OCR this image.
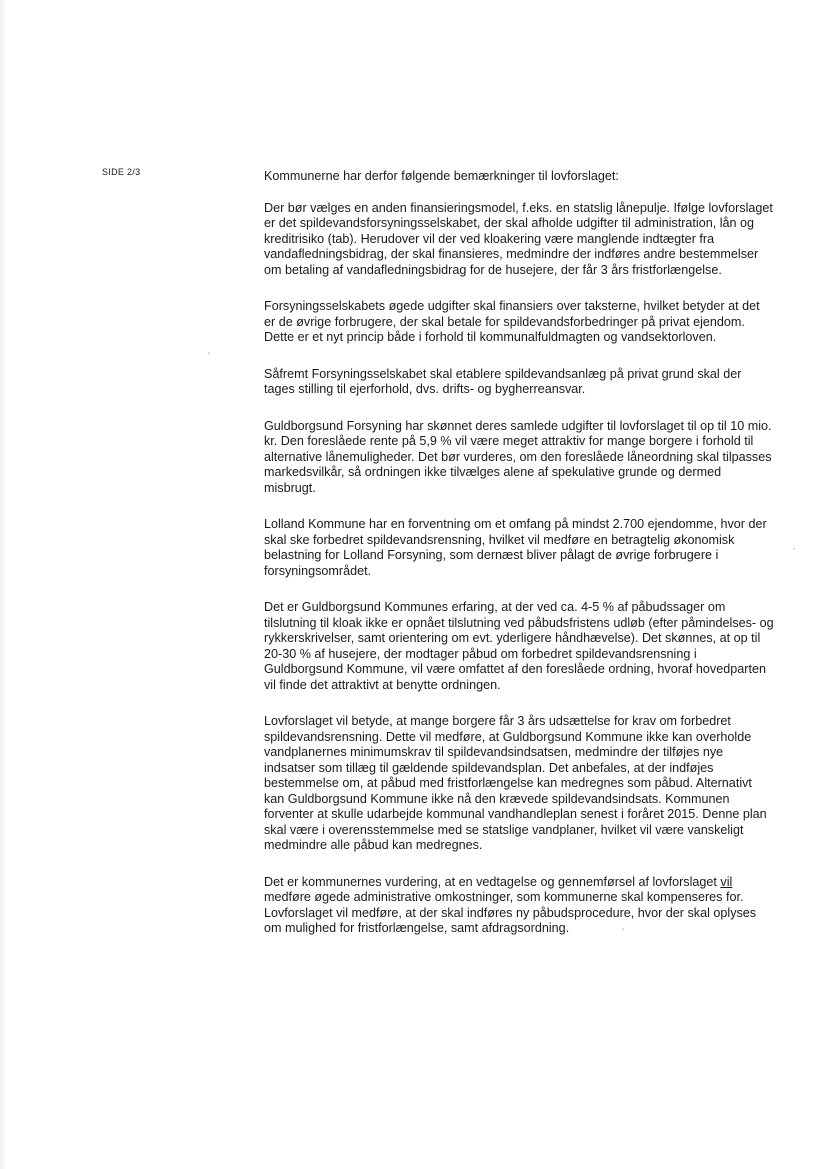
SIDE 2/3	Kommunerne har derfor følgende bemærkninger til lovforslaget:

Der bør vælges en anden finansieringsmodel, f.eks. en statslig lånepulje. Ifølge lovforslaget er det spildevandsforsyningsselskabet, der skal afholde udgifter til administration, lån og kreditrisiko (tab). Herudover vil der ved kloakering være manglende indtægter fra vandafledningsbidrag, der skal finansieres, medmindre der indføres andre bestemmelser om betaling af vandafledningsbidrag for de husejere, der får 3 års fristforlængelse.

Forsyningsselskabets øgede udgifter skal finansiers over taksterne, hvilket betyder at det er de øvrige forbrugere, der skal betale for spildevandsforbedringer på privat ejendom. Dette er et nyt princip både i forhold til kommunalfuldmagten og vandsektorloven.

Såfremt Forsyningsselskabet skal etablere spildevandsanlæg på privat grund skal der tages stilling til ejerforhold, dvs. drifts- og bygherreansvar.

Guldborgsund Forsyning har skønnet deres samlede udgifter til lovforslaget til op til 10 mio. kr. Den foreslåede rente på 5,9 % vil være meget attraktiv for mange borgere i forhold til alternative lånemuligheder. Det bør vurderes, om den foreslåede låneordning skal tilpasses markedsvilkår, så ordningen ikke tilvælges alene af spekulative grunde og dermed misbrugt.

Lolland Kommune har en forventning om et omfang på mindst 2.700 ejendomme, hvor der skal ske forbedret spildevandsrensning, hvilket vil medføre en betragtelig økonomisk belastning for Lolland Forsyning, som dernæst bliver pålagt de øvrige forbrugere i forsyningsområdet.

Det er Guldborgsund Kommunes erfaring, at der ved ca. 4-5 % af påbudssager om tilslutning til kloak ikke er opnået tilslutning ved påbudsfristens udløb (efter påmindelses- og rykkerskrivelser, samt orientering om evt. yderligere håndhævelse). Det skønnes, at op til 20-30 % af husejere, der modtager påbud om forbedret spildevandsrensning i Guldborgsund Kommune, vil være omfattet af den foreslåede ordning, hvoraf hovedparten vil finde det attraktivt at benytte ordningen.

Lovforslaget vil betyde, at mange borgere får 3 års udsættelse for krav om forbedret spildevandsrensning. Dette vil medføre, at Guldborgsund Kommune ikke kan overholde vandplanernes minimumskrav til spildevandsindsatsen, medmindre der tilføjes nye indsatser som tillæg til gældende spildevandsplan. Det anbefales, at der indføjes bestemmelse om, at påbud med fristforlængelse kan medregnes som påbud. Alternativt kan Guldborgsund Kommune ikke nå den krævede spildevandsindsats. Kommunen forventer at skulle udarbejde kommunal vandhandleplan senest i foråret 2015. Denne plan skal være i overensstemmelse med se statslige vandplaner, hvilket vil være vanskeligt medmindre alle påbud kan medregnes.

Det er kommunernes vurdering, at en vedtagelse og gennemførsel af lovforslaget vil medføre øgede administrative omkostninger, som kommunerne skal kompenseres for. Lovforslaget vil medføre, at der skal indføres ny påbudsprocedure, hvor der skal oplyses om mulighed for fristforlængelse, samt afdragsordning.
